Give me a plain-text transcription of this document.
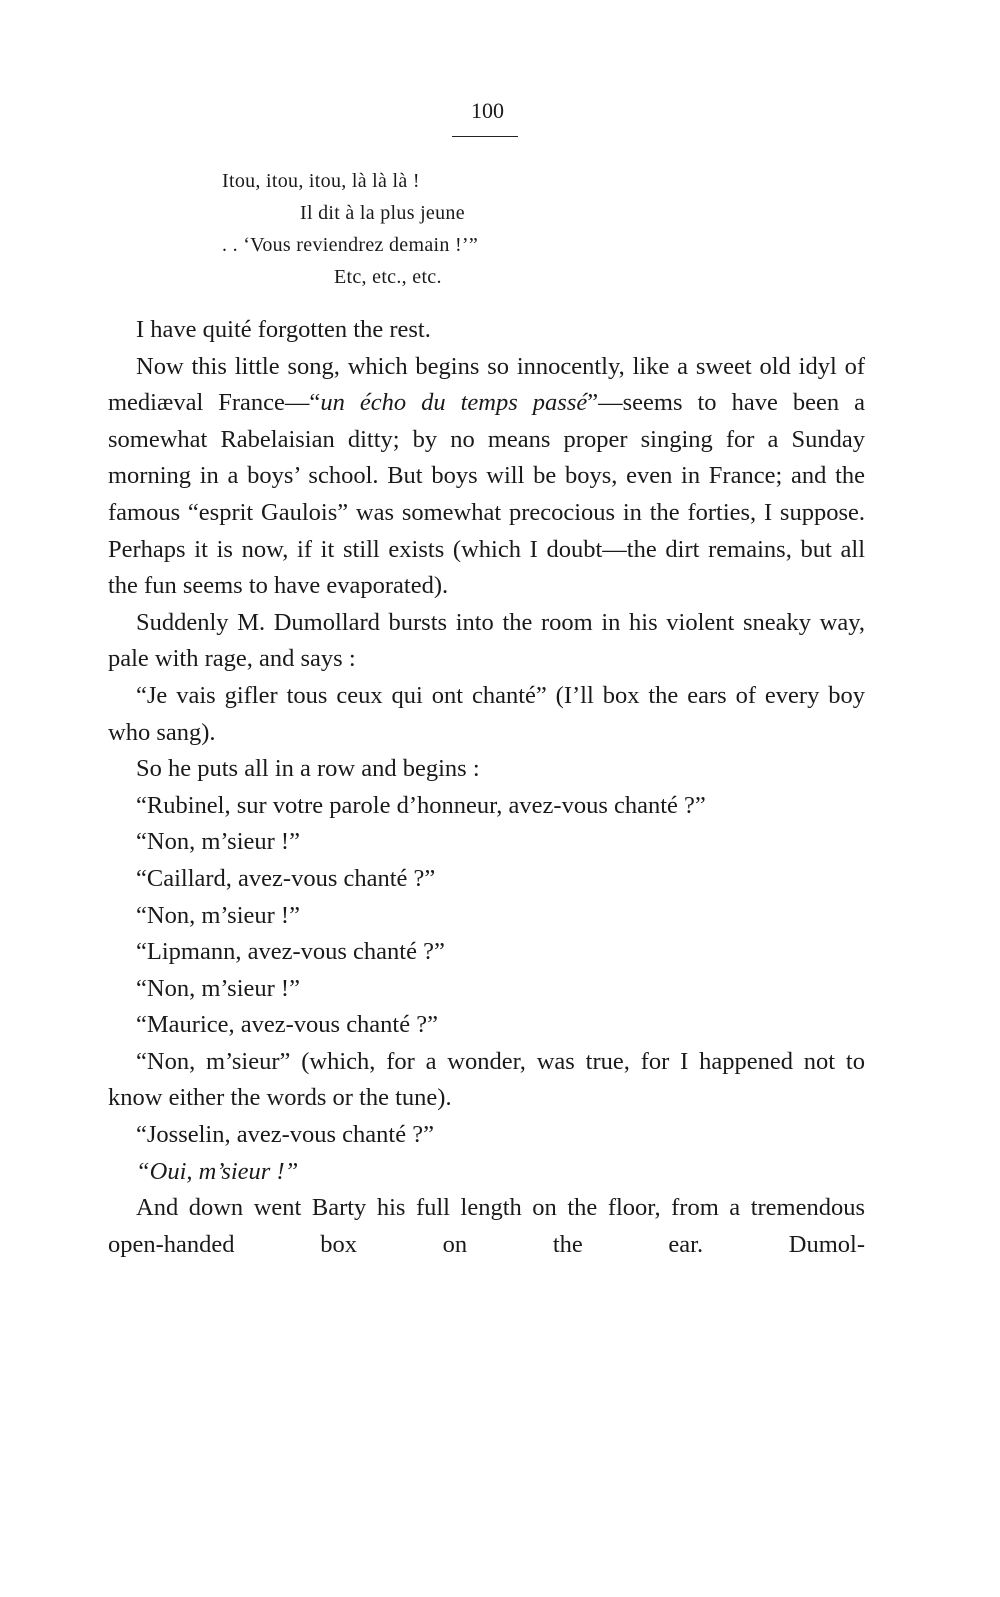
100
Itou, itou, itou, là là là !
Il dit à la plus jeune
. . ‘Vous reviendrez demain !’”
Etc, etc., etc.

I have quité forgotten the rest.

Now this little song, which begins so innocently, like a sweet old idyl of mediæval France—“un écho du temps passé”—seems to have been a somewhat Rabelaisian ditty; by no means proper singing for a Sunday morning in a boys’ school. But boys will be boys, even in France; and the famous “esprit Gaulois” was somewhat precocious in the forties, I suppose. Perhaps it is now, if it still exists (which I doubt—the dirt remains, but all the fun seems to have evaporated).

Suddenly M. Dumollard bursts into the room in his violent sneaky way, pale with rage, and says :

“Je vais gifler tous ceux qui ont chanté” (I’ll box the ears of every boy who sang).

So he puts all in a row and begins :

“Rubinel, sur votre parole d’honneur, avez-vous chanté ?”

“Non, m’sieur !”

“Caillard, avez-vous chanté ?”

“Non, m’sieur !”

“Lipmann, avez-vous chanté ?”

“Non, m’sieur !”

“Maurice, avez-vous chanté ?”

“Non, m’sieur” (which, for a wonder, was true, for I happened not to know either the words or the tune).

“Josselin, avez-vous chanté ?”

“Oui, m’sieur !”

And down went Barty his full length on the floor, from a tremendous open-handed box on the ear. Dumol-
